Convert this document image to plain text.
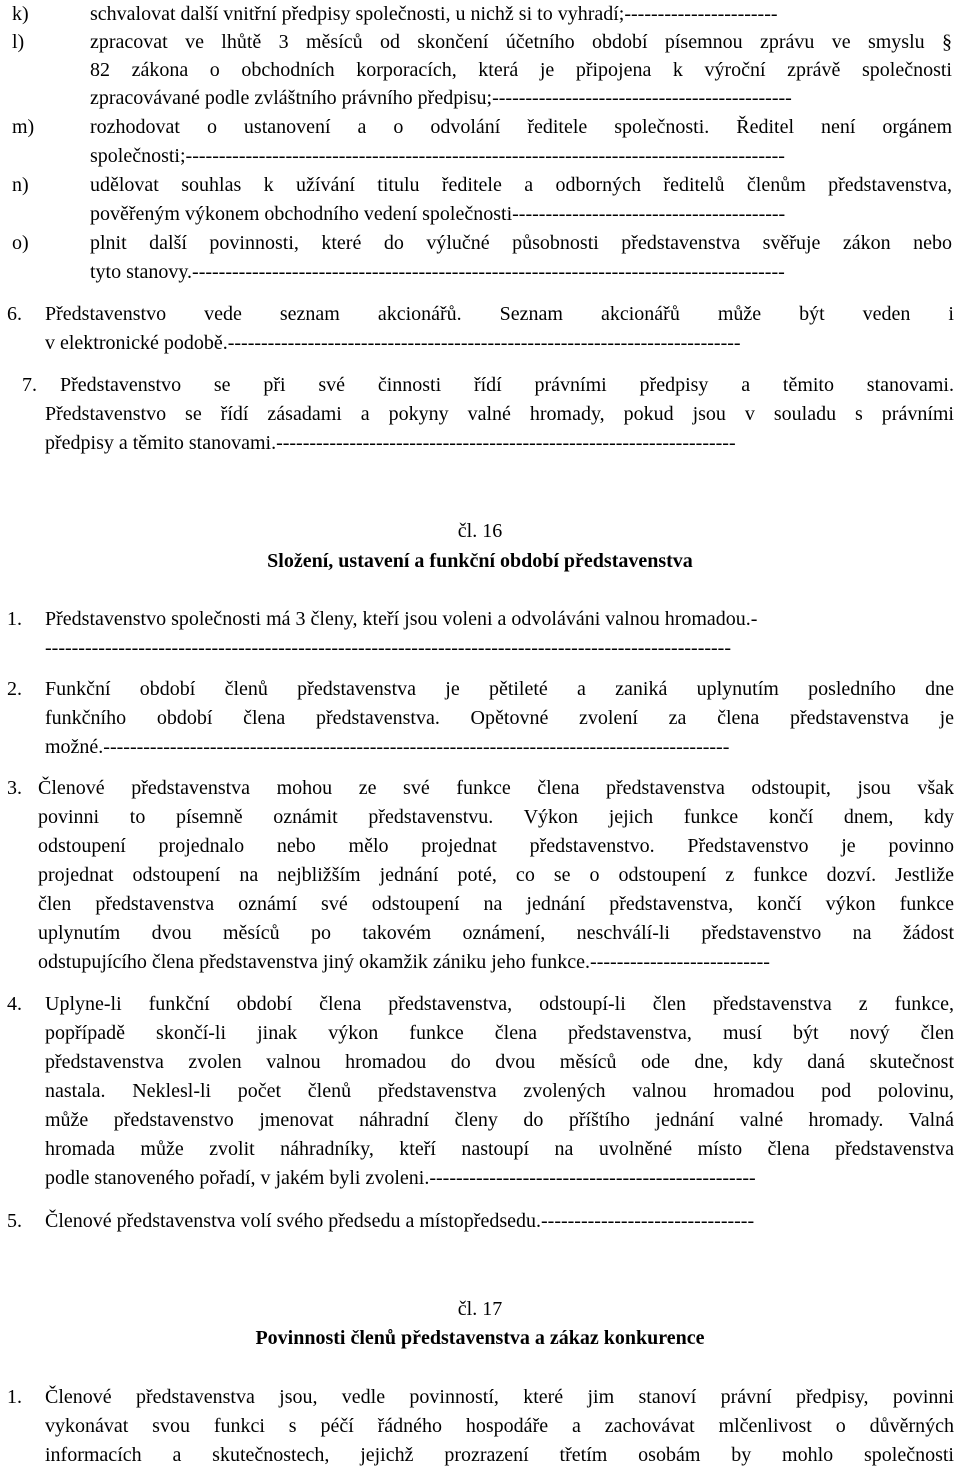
k)	schvalovat další vnitřní předpisy společnosti, u nichž si to vyhradí;-----------------------
l)	zpracovat ve lhůtě 3 měsíců od skončení účetního období písemnou zprávu ve smyslu §
82 zákona o obchodních korporacích, která je připojena k výroční zprávě společnosti
zpracovávané podle zvláštního právního předpisu;---------------------------------------------
m)	rozhodovat o ustanovení a o odvolání ředitele společnosti. Ředitel není orgánem
společnosti;------------------------------------------------------------------------------------------
n)	udělovat souhlas k užívání titulu ředitele a odborných ředitelů členům představenstva,
pověřeným výkonem obchodního vedení společnosti-----------------------------------------
o)	plnit další povinnosti, které do výlučné působnosti představenstva svěřuje zákon nebo
tyto stanovy.-----------------------------------------------------------------------------------------
6. Představenstvo vede seznam akcionářů. Seznam akcionářů může být veden i
v elektronické podobě.-----------------------------------------------------------------------------
7. Představenstvo se při své činnosti řídí právními předpisy a těmito stanovami.
Představenstvo se řídí zásadami a pokyny valné hromady, pokud jsou v souladu s právními
předpisy a těmito stanovami.---------------------------------------------------------------------
čl. 16
Složení, ustavení a funkční období představenstva
1. Představenstvo společnosti má 3 členy, kteří jsou voleni a odvoláváni valnou hromadou.-
-------------------------------------------------------------------------------------------------------
2. Funkční období členů představenstva je pětileté a zaniká uplynutím posledního dne
funkčního období člena představenstva. Opětovné zvolení za člena představenstva je
možné.----------------------------------------------------------------------------------------------
3. Členové představenstva mohou ze své funkce člena představenstva odstoupit, jsou však
povinni to písemně oznámit představenstvu. Výkon jejich funkce končí dnem, kdy
odstoupení projednalo nebo mělo projednat představenstvo. Představenstvo je povinno
projednat odstoupení na nejbližším jednání poté, co se o odstoupení z funkce dozví. Jestliže
člen představenstva oznámí své odstoupení na jednání představenstva, končí výkon funkce
uplynutím dvou měsíců po takovém oznámení, neschválí-li představenstvo na žádost
odstupujícího člena představenstva jiný okamžik zániku jeho funkce.---------------------------
4. Uplyne-li funkční období člena představenstva, odstoupí-li člen představenstva z funkce,
popřípadě skončí-li jinak výkon funkce člena představenstva, musí být nový člen
představenstva zvolen valnou hromadou do dvou měsíců ode dne, kdy daná skutečnost
nastala. Neklesl-li počet členů představenstva zvolených valnou hromadou pod polovinu,
může představenstvo jmenovat náhradní členy do příštího jednání valné hromady. Valná
hromada může zvolit náhradníky, kteří nastoupí na uvolněné místo člena představenstva
podle stanoveného pořadí, v jakém byli zvoleni.-------------------------------------------------
5. Členové představenstva volí svého předsedu a místopředsedu.--------------------------------
čl. 17
Povinnosti členů představenstva a zákaz konkurence
1. Členové představenstva jsou, vedle povinností, které jim stanoví právní předpisy, povinni
vykonávat svou funkci s péčí řádného hospodáře a zachovávat mlčenlivost o důvěrných
informacích a skutečnostech, jejichž prozrazení třetím osobám by mohlo společnosti
